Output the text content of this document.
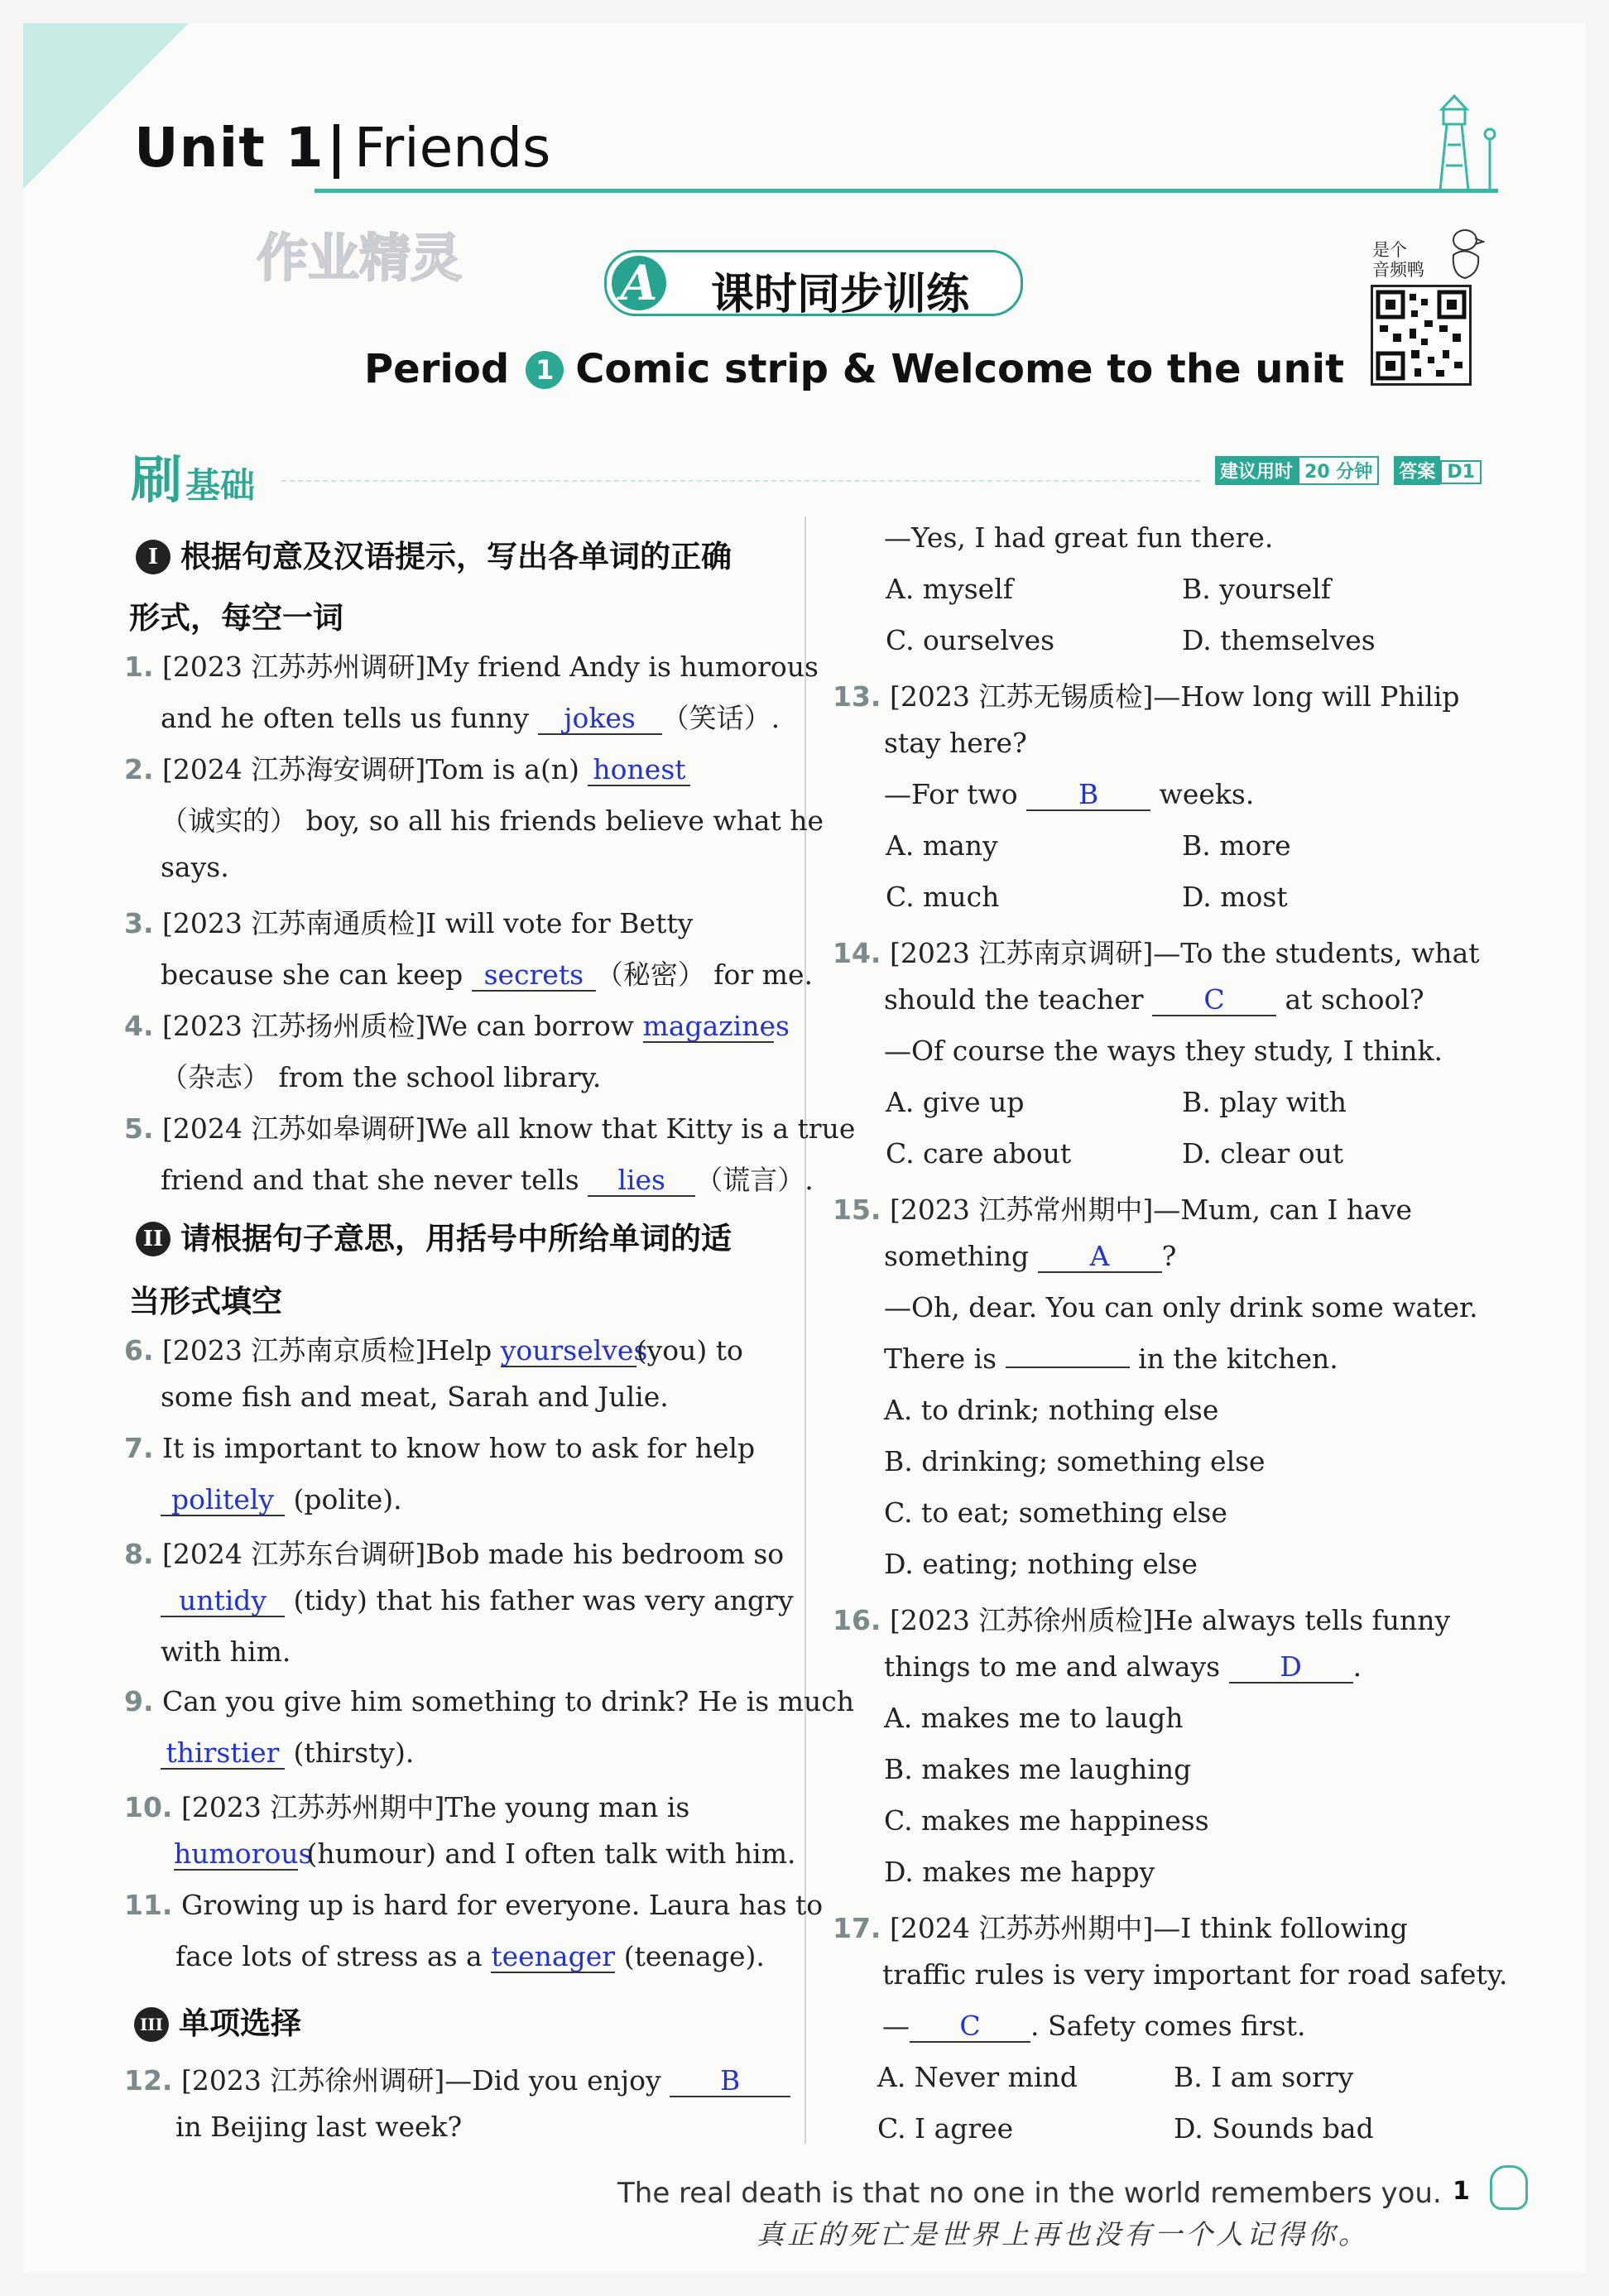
Unit 1 Friends
作业精灵	A 课时同步训练
是个
音频鸭
Period 1 Comic strip & Welcome to the unit
刷基础	建议用时 20 分钟 答案 D1
I 根据句意及汉语提示，写出各单词的正确
形式，每空一词
1. [2023 江苏苏州调研]My friend Andy is humorous
and he often tells us funny jokes （笑话）.
2. [2024 江苏海安调研]Tom is a(n) honest
（诚实的） boy, so all his friends believe what he
says.
3. [2023 江苏南通质检]I will vote for Betty
because she can keep secrets （秘密） for me.
4. [2023 江苏扬州质检]We can borrow magazines
（杂志） from the school library.
5. [2024 江苏如皋调研]We all know that Kitty is a true
friend and that she never tells lies （谎言）.
II 请根据句子意思，用括号中所给单词的适
当形式填空
6. [2023 江苏南京质检]Help yourselves(you) to
some fish and meat, Sarah and Julie.
7. It is important to know how to ask for help
politely (polite).
8. [2024 江苏东台调研]Bob made his bedroom so
untidy (tidy) that his father was very angry
with him.
9. Can you give him something to drink? He is much
thirstier (thirsty).
10. [2023 江苏苏州期中]The young man is
humorous (humour) and I often talk with him.
11. Growing up is hard for everyone. Laura has to
face lots of stress as a teenager (teenage).
III 单项选择
12. [2023 江苏徐州调研]—Did you enjoy B
in Beijing last week?
—Yes, I had great fun there.
A. myself	B. yourself
C. ourselves	D. themselves
13. [2023 江苏无锡质检]—How long will Philip
stay here?
—For two B weeks.
A. many	B. more
C. much	D. most
14. [2023 江苏南京调研]—To the students, what
should the teacher C at school?
—Of course the ways they study, I think.
A. give up	B. play with
C. care about	D. clear out
15. [2023 江苏常州期中]—Mum, can I have
something A ?
—Oh, dear. You can only drink some water.
There is	in the kitchen.
A. to drink; nothing else
B. drinking; something else
C. to eat; something else
D. eating; nothing else
16. [2023 江苏徐州质检]He always tells funny
things to me and always D .
A. makes me to laugh
B. makes me laughing
C. makes me happiness
D. makes me happy
17. [2024 江苏苏州期中]—I think following
traffic rules is very important for road safety.
— C . Safety comes first.
A. Never mind	B. I am sorry
C. I agree	D. Sounds bad
The real death is that no one in the world remembers you.
真正的死亡是世界上再也没有一个人记得你。
1
